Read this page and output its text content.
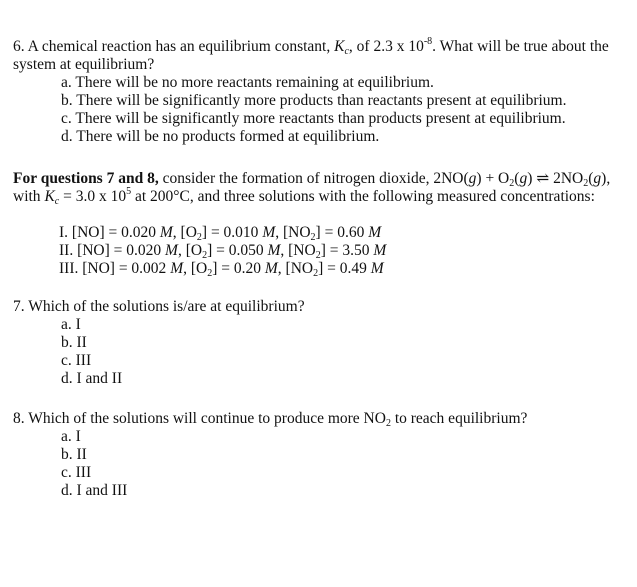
6. A chemical reaction has an equilibrium constant, $K_c$, of 2.3 x $10^{-8}$. What will be true about the
system at equilibrium?
a. There will be no more reactants remaining at equilibrium.
b. There will be significantly more products than reactants present at equilibrium.
c. There will be significantly more reactants than products present at equilibrium.
d. There will be no products formed at equilibrium.
For questions 7 and 8, consider the formation of nitrogen dioxide, $2NO(g) + O_2(g)$ ⇌ $2NO_2(g)$,
with $K_c = 3.0$ x $10^5$ at 200°C, and three solutions with the following measured concentrations:
I. [NO] = 0.020 M, $[O_2] = 0.010$ M, $[NO_2] = 0.60$ M
II. [NO] = 0.020 M, $[O_2] = 0.050$ M, $[NO_2] = 3.50$ M
III. [NO] = 0.002 M, $[O_2] = 0.20$ M, $[NO_2] = 0.49$ M
7. Which of the solutions is/are at equilibrium?
a. I
b. II
c. III
d. I and II
8. Which of the solutions will continue to produce more $NO_2$ to reach equilibrium?
a. I
b. II
c. III
d. I and III
